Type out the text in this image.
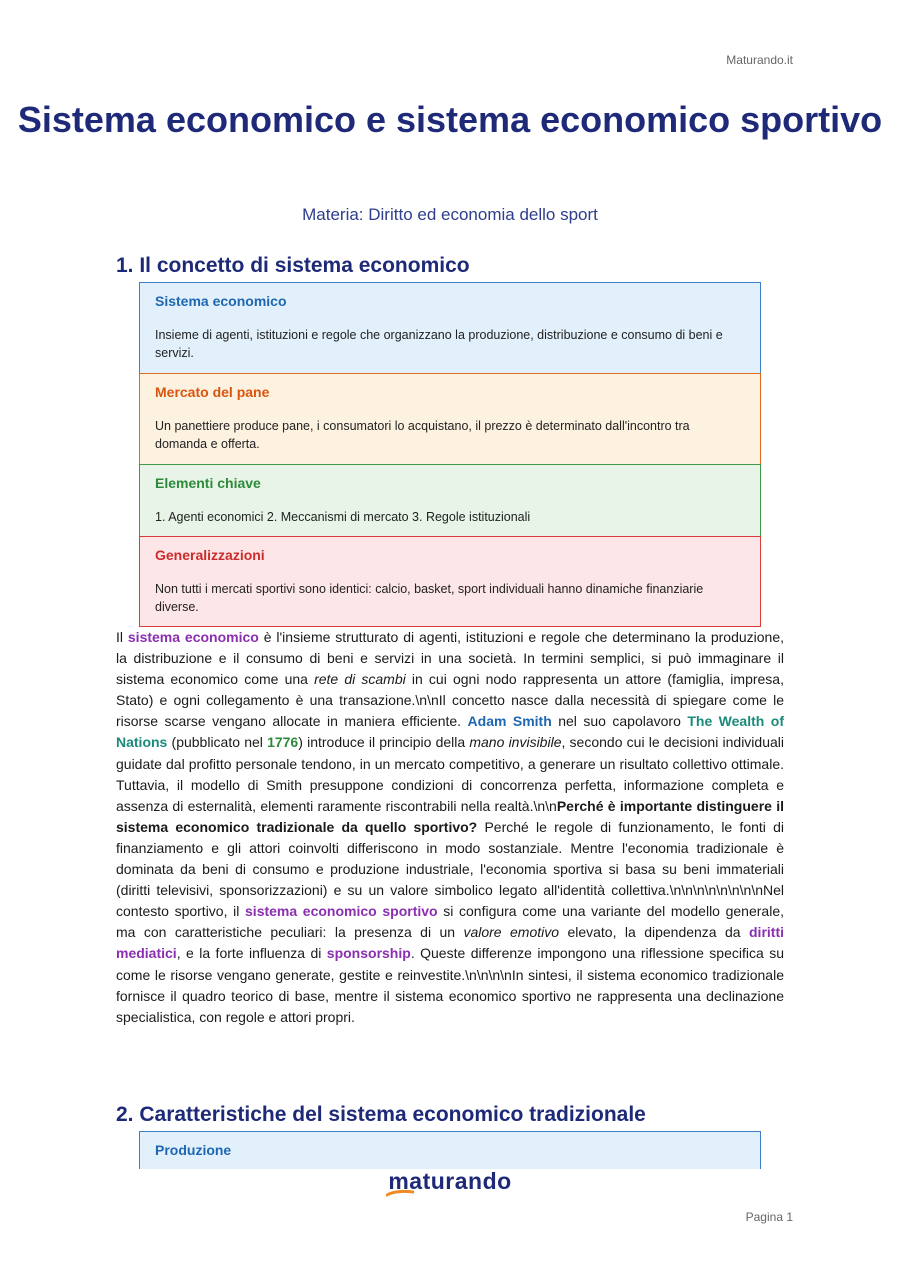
Maturando.it
Sistema economico e sistema economico sportivo
Materia: Diritto ed economia dello sport
1. Il concetto di sistema economico
Sistema economico
Insieme di agenti, istituzioni e regole che organizzano la produzione, distribuzione e consumo di beni e servizi.
Mercato del pane
Un panettiere produce pane, i consumatori lo acquistano, il prezzo è determinato dall'incontro tra domanda e offerta.
Elementi chiave
1. Agenti economici 2. Meccanismi di mercato 3. Regole istituzionali
Generalizzazioni
Non tutti i mercati sportivi sono identici: calcio, basket, sport individuali hanno dinamiche finanziarie diverse.

Il sistema economico è l'insieme strutturato di agenti, istituzioni e regole che determinano la produzione, la distribuzione e il consumo di beni e servizi in una società. In termini semplici, si può immaginare il sistema economico come una rete di scambi in cui ogni nodo rappresenta un attore (famiglia, impresa, Stato) e ogni collegamento è una transazione.\n\nIl concetto nasce dalla necessità di spiegare come le risorse scarse vengano allocate in maniera efficiente. Adam Smith nel suo capolavoro The Wealth of Nations (pubblicato nel 1776) introduce il principio della mano invisibile, secondo cui le decisioni individuali guidate dal profitto personale tendono, in un mercato competitivo, a generare un risultato collettivo ottimale. Tuttavia, il modello di Smith presuppone condizioni di concorrenza perfetta, informazione completa e assenza di esternalità, elementi raramente riscontrabili nella realtà.\n\nPerché è importante distinguere il sistema economico tradizionale da quello sportivo? Perché le regole di funzionamento, le fonti di finanziamento e gli attori coinvolti differiscono in modo sostanziale. Mentre l'economia tradizionale è dominata da beni di consumo e produzione industriale, l'economia sportiva si basa su beni immateriali (diritti televisivi, sponsorizzazioni) e su un valore simbolico legato all'identità collettiva.\n\n\n\n\n\n\n\nNel contesto sportivo, il sistema economico sportivo si configura come una variante del modello generale, ma con caratteristiche peculiari: la presenza di un valore emotivo elevato, la dipendenza da diritti mediatici, e la forte influenza di sponsorship. Queste differenze impongono una riflessione specifica su come le risorse vengano generate, gestite e reinvestite.\n\n\n\nIn sintesi, il sistema economico tradizionale fornisce il quadro teorico di base, mentre il sistema economico sportivo ne rappresenta una declinazione specialistica, con regole e attori propri.

2. Caratteristiche del sistema economico tradizionale
Produzione
maturando
Pagina 1
